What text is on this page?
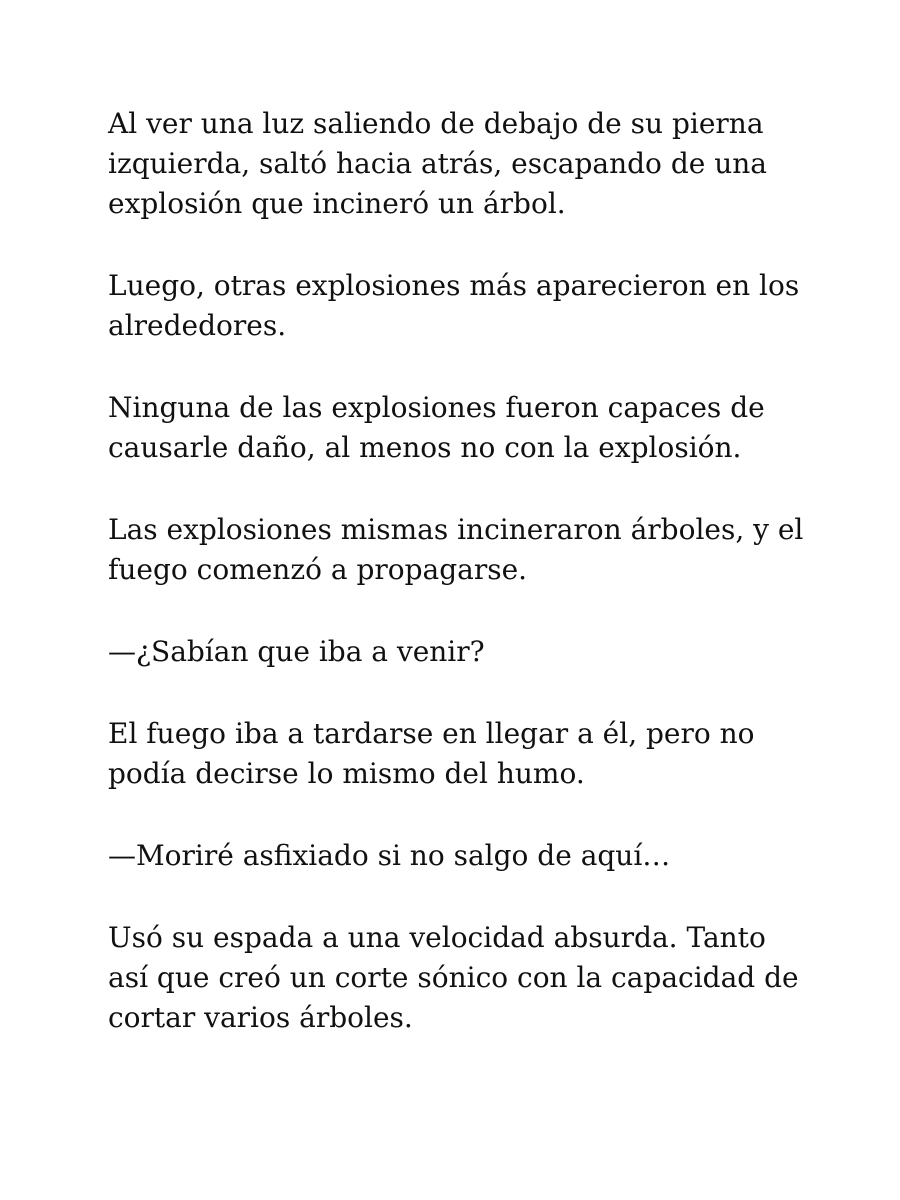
Al ver una luz saliendo de debajo de su pierna izquierda, saltó hacia atrás, escapando de una explosión que incineró un árbol.

Luego, otras explosiones más aparecieron en los alrededores.

Ninguna de las explosiones fueron capaces de causarle daño, al menos no con la explosión.

Las explosiones mismas incineraron árboles, y el fuego comenzó a propagarse.

—¿Sabían que iba a venir?

El fuego iba a tardarse en llegar a él, pero no podía decirse lo mismo del humo.

—Moriré asfixiado si no salgo de aquí…

Usó su espada a una velocidad absurda. Tanto así que creó un corte sónico con la capacidad de cortar varios árboles.
